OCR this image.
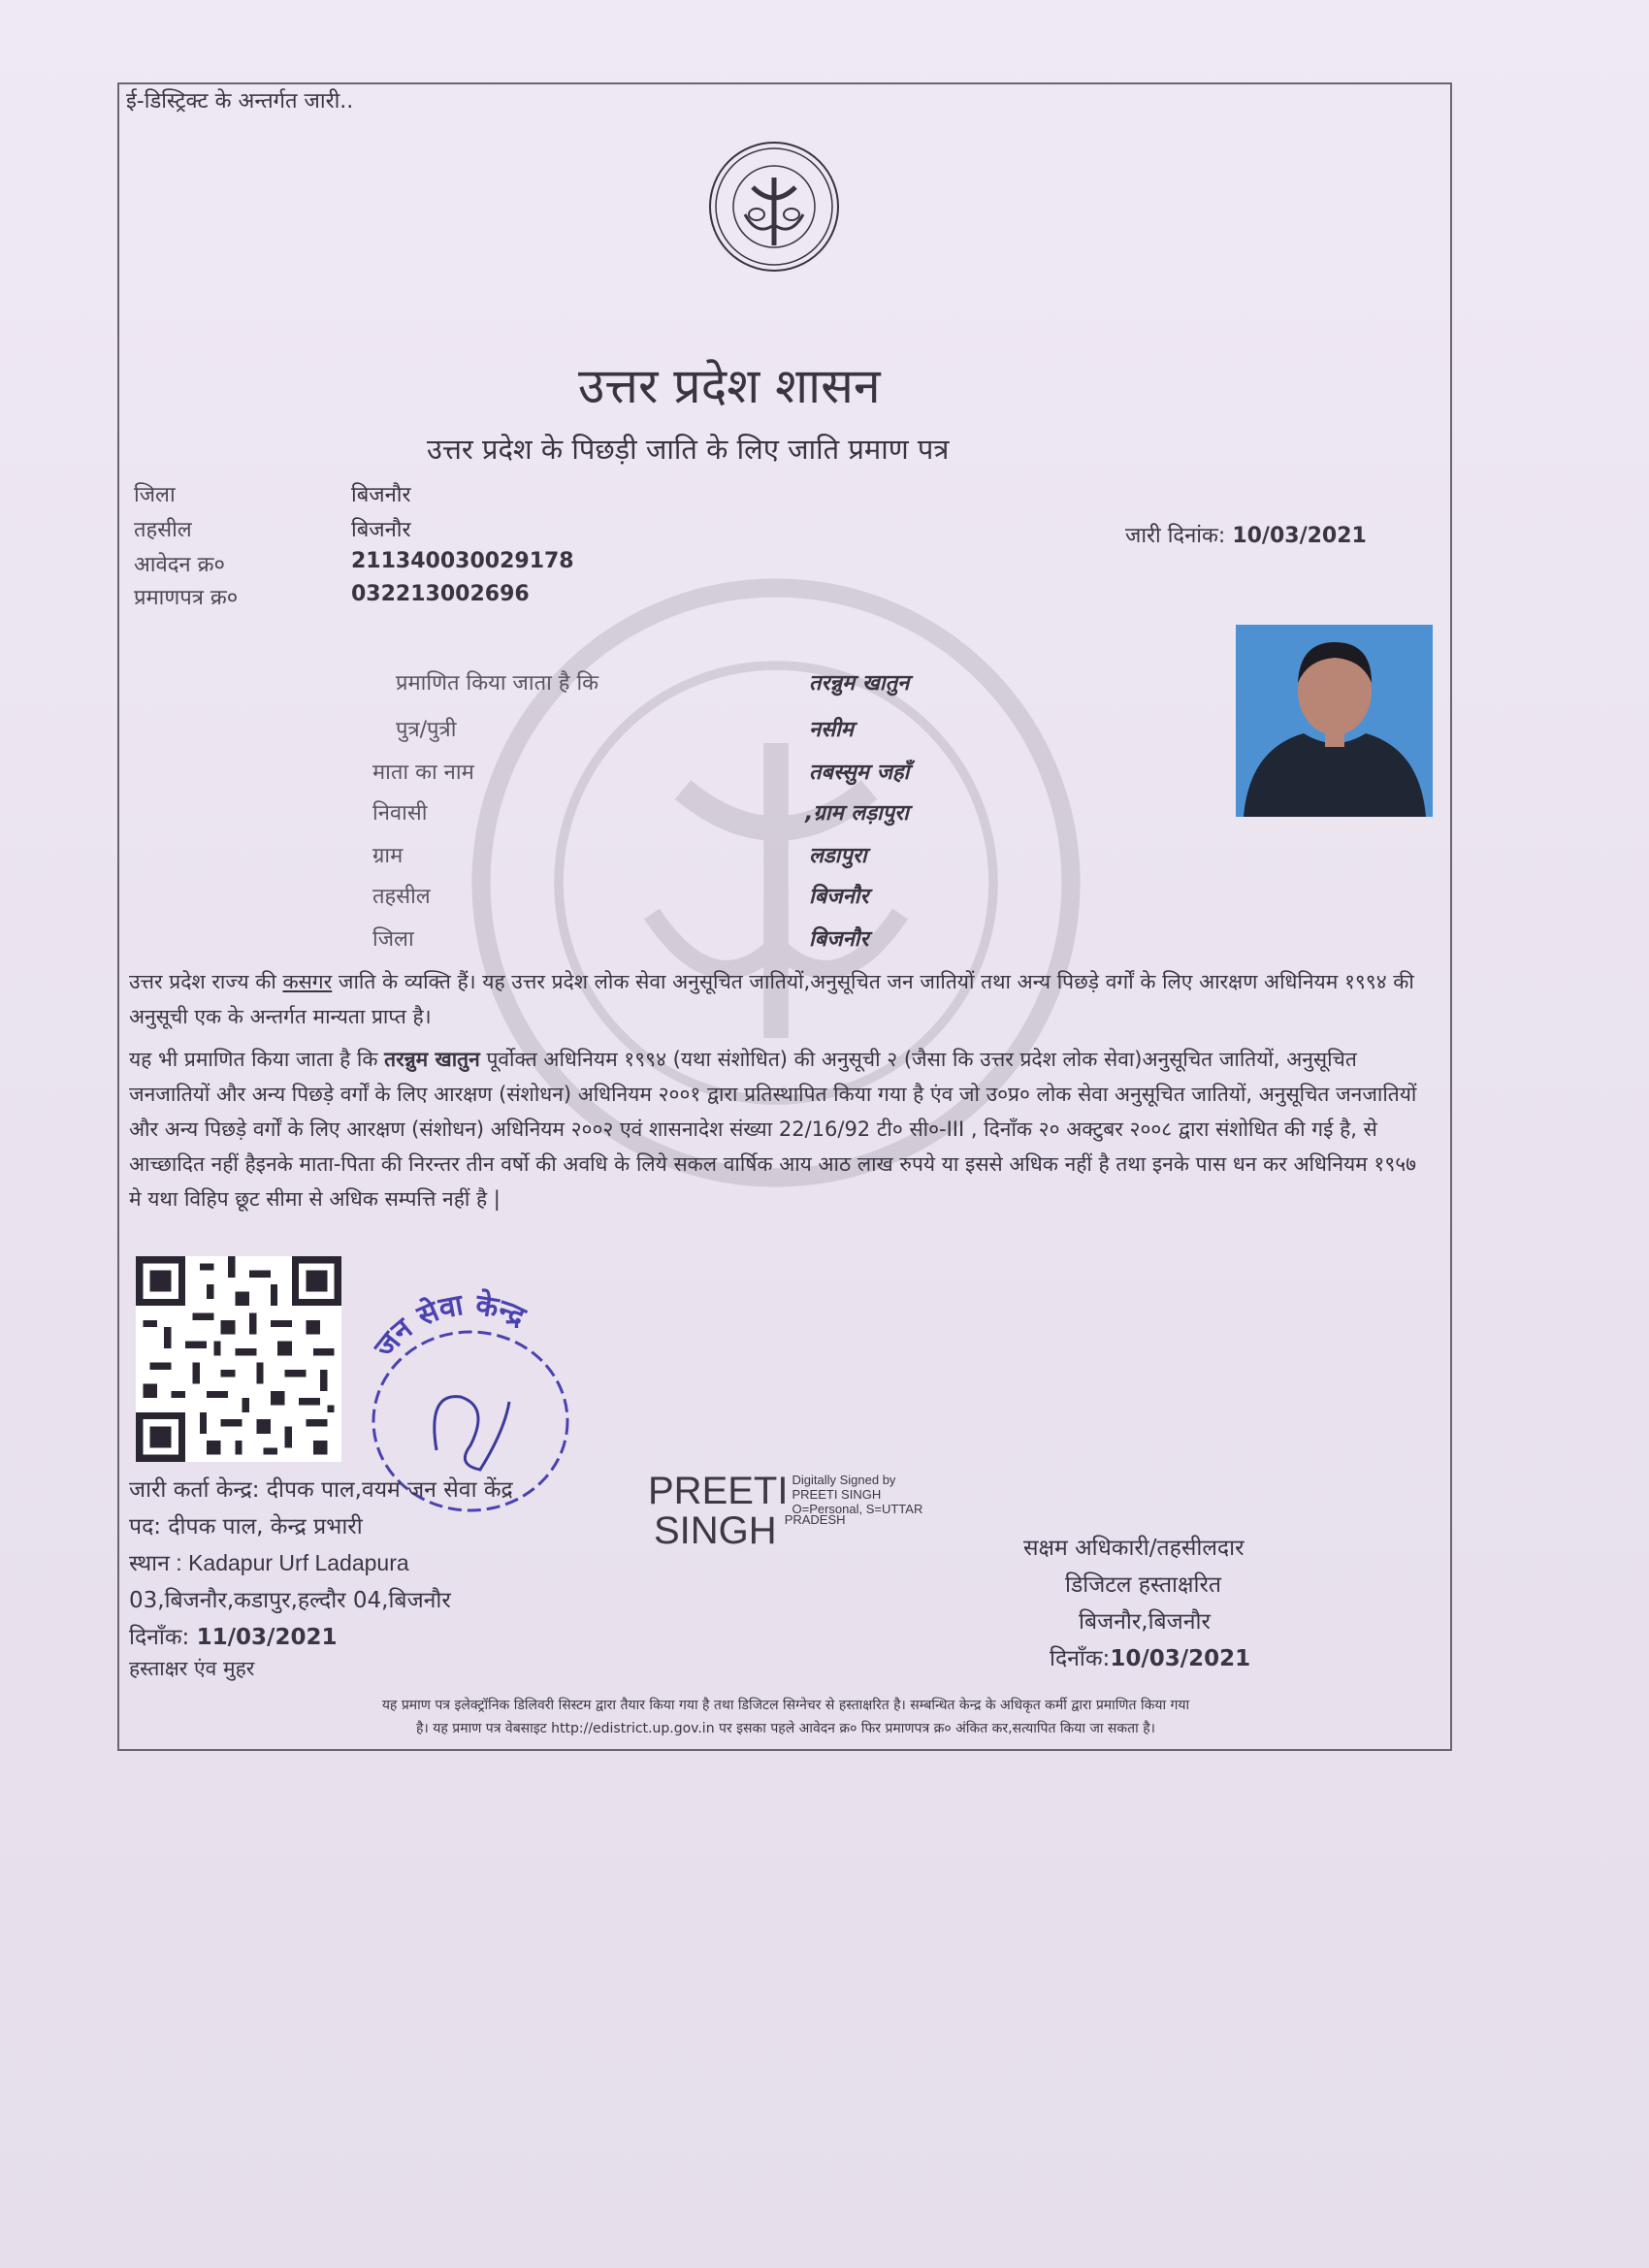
ई-डिस्ट्रिक्ट के अन्तर्गत जारी..
उत्तर प्रदेश शासन
उत्तर प्रदेश के पिछड़ी जाति के लिए जाति प्रमाण पत्र
जिला	बिजनौर
तहसील	बिजनौर
आवेदन क्र०	211340030029178
प्रमाणपत्र क्र०	032213002696
जारी दिनांक: 10/03/2021
प्रमाणित किया जाता है कि	तरन्नुम खातुन
पुत्र/पुत्री	नसीम
माता का नाम	तबस्सुम जहाँ
निवासी	,ग्राम लड़ापुरा
ग्राम	लडापुरा
तहसील	बिजनौर
जिला	बिजनौर
उत्तर प्रदेश राज्य की कसगर जाति के व्यक्ति हैं। यह उत्तर प्रदेश लोक सेवा अनुसूचित जातियों,अनुसूचित जन जातियों तथा अन्य पिछड़े वर्गों के लिए आरक्षण अधिनियम १९९४ की अनुसूची एक के अन्तर्गत मान्यता प्राप्त है।
यह भी प्रमाणित किया जाता है कि तरन्नुम खातुन पूर्वोक्त अधिनियम १९९४ (यथा संशोधित) की अनुसूची २ (जैसा कि उत्तर प्रदेश लोक सेवा)अनुसूचित जातियों, अनुसूचित जनजातियों और अन्य पिछड़े वर्गों के लिए आरक्षण (संशोधन) अधिनियम २००१ द्वारा प्रतिस्थापित किया गया है एंव जो उ०प्र० लोक सेवा अनुसूचित जातियों, अनुसूचित जनजातियों और अन्य पिछड़े वर्गों के लिए आरक्षण (संशोधन) अधिनियम २००२ एवं शासनादेश संख्या 22/16/92 टी० सी०-III , दिनाँक २० अक्टुबर २००८ द्वारा संशोधित की गई है, से आच्छादित नहीं हैइनके माता-पिता की निरन्तर तीन वर्षो की अवधि के लिये सकल वार्षिक आय आठ लाख रुपये या इससे अधिक नहीं है तथा इनके पास धन कर अधिनियम १९५७ मे यथा विहिप छूट सीमा से अधिक सम्पत्ति नहीं है |
जन सेवा केन्द्र
जारी कर्ता केन्द्र: दीपक पाल,वयम जन सेवा केंद्र
पद: दीपक पाल, केन्द्र प्रभारी
स्थान : Kadapur Urf Ladapura
03,बिजनौर,कडापुर,हल्दौर 04,बिजनौर
दिनाँक: 11/03/2021
हस्ताक्षर एंव मुहर
PREETI Digitally Signed by
PREETI SINGH
O=Personal, S=UTTAR
SINGH PRADESH
सक्षम अधिकारी/तहसीलदार
डिजिटल हस्ताक्षरित
बिजनौर,बिजनौर
दिनाँक:10/03/2021
यह प्रमाण पत्र इलेक्ट्रॉनिक डिलिवरी सिस्टम द्वारा तैयार किया गया है तथा डिजिटल सिग्नेचर से हस्ताक्षरित है। सम्बन्धित केन्द्र के अधिकृत कर्मी द्वारा प्रमाणित किया गया
है। यह प्रमाण पत्र वेबसाइट http://edistrict.up.gov.in पर इसका पहले आवेदन क्र० फिर प्रमाणपत्र क्र० अंकित कर,सत्यापित किया जा सकता है।
